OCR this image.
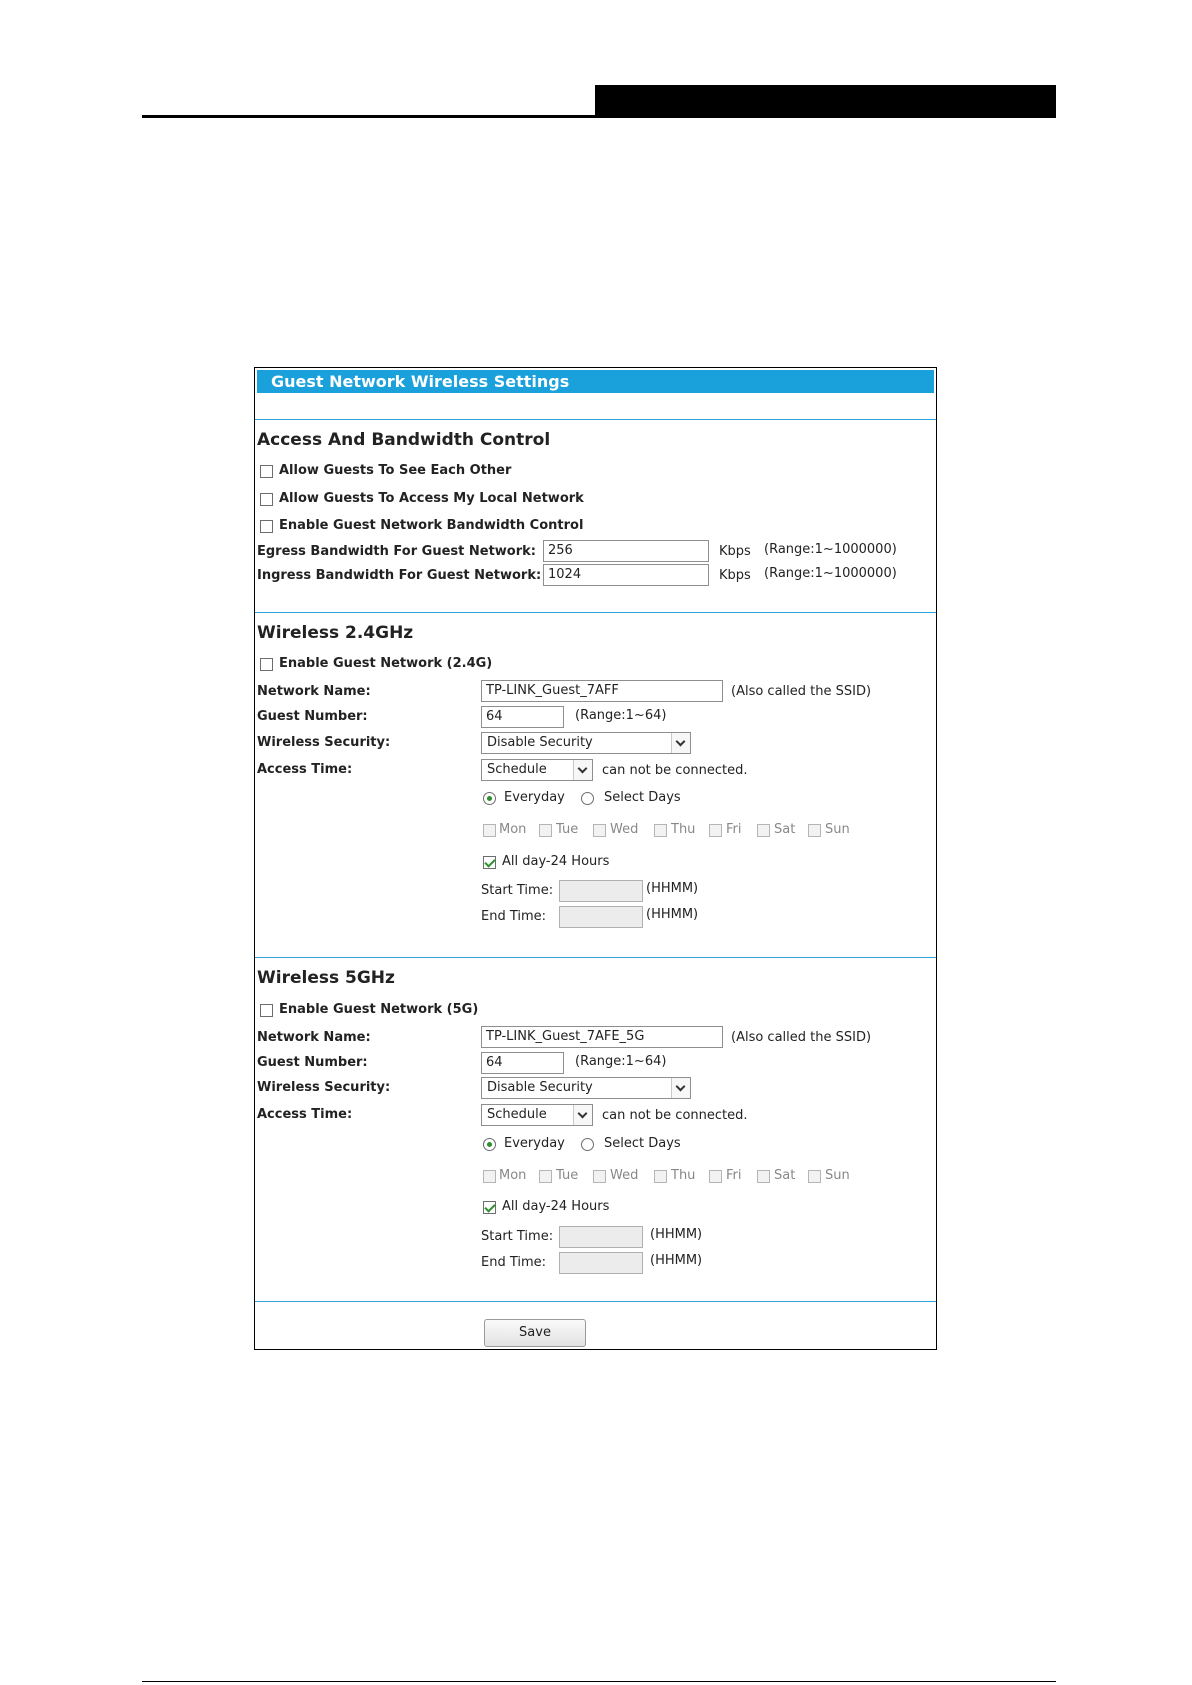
Guest Network Wireless Settings
Access And Bandwidth Control
Allow Guests To See Each Other
Allow Guests To Access My Local Network
Enable Guest Network Bandwidth Control
Egress Bandwidth For Guest Network: 256	Kbps (Range:1~1000000)
Ingress Bandwidth For Guest Network: 1024	Kbps (Range:1~1000000)
Wireless 2.4GHz
Enable Guest Network (2.4G)
Network Name:	TP-LINK_Guest_7AFF	(Also called the SSID)
Guest Number:	64	(Range:1~64)
Wireless Security:	Disable Security
Access Time:	Schedule	can not be connected.
Everyday	Select Days
Mon Tue Wed	Thu Fri	Sat Sun
All day-24 Hours
Start Time:	(HHMM)
End Time:	(HHMM)
Wireless 5GHz
Enable Guest Network (5G)
Network Name:	TP-LINK_Guest_7AFE_5G	(Also called the SSID)
Guest Number:	64	(Range:1~64)
Wireless Security:	Disable Security
Access Time:	Schedule	can not be connected.
Everyday	Select Days
Mon Tue Wed	Thu Fri	Sat Sun
All day-24 Hours
Start Time:	(HHMM)
End Time:	(HHMM)
Save
